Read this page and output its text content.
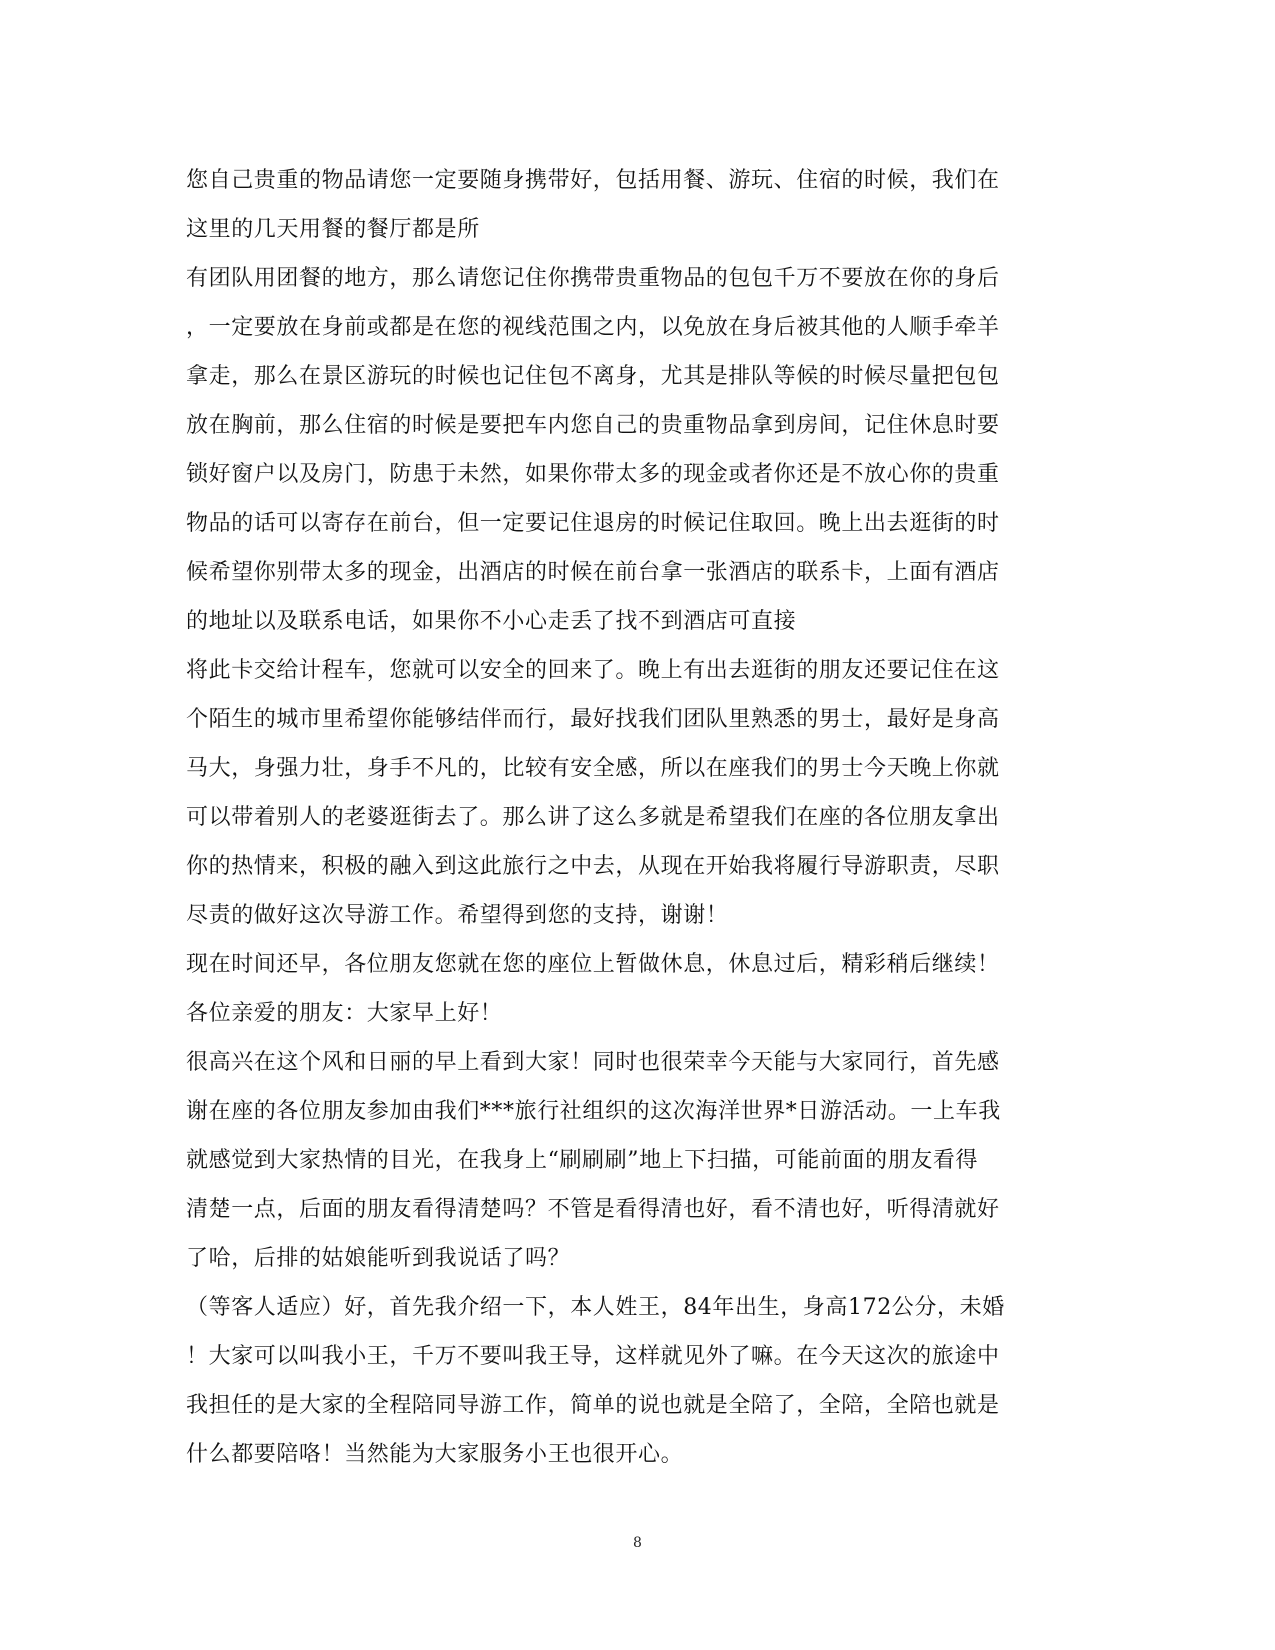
您自己贵重的物品请您一定要随身携带好，包括用餐、游玩、住宿的时候，我们在
这里的几天用餐的餐厅都是所
有团队用团餐的地方，那么请您记住你携带贵重物品的包包千万不要放在你的身后
，一定要放在身前或都是在您的视线范围之内，以免放在身后被其他的人顺手牵羊
拿走，那么在景区游玩的时候也记住包不离身，尤其是排队等候的时候尽量把包包
放在胸前，那么住宿的时候是要把车内您自己的贵重物品拿到房间，记住休息时要
锁好窗户以及房门，防患于未然，如果你带太多的现金或者你还是不放心你的贵重
物品的话可以寄存在前台，但一定要记住退房的时候记住取回。晚上出去逛街的时
候希望你别带太多的现金，出酒店的时候在前台拿一张酒店的联系卡，上面有酒店
的地址以及联系电话，如果你不小心走丢了找不到酒店可直接
将此卡交给计程车，您就可以安全的回来了。晚上有出去逛街的朋友还要记住在这
个陌生的城市里希望你能够结伴而行，最好找我们团队里熟悉的男士，最好是身高
马大，身强力壮，身手不凡的，比较有安全感，所以在座我们的男士今天晚上你就
可以带着别人的老婆逛街去了。那么讲了这么多就是希望我们在座的各位朋友拿出
你的热情来，积极的融入到这此旅行之中去，从现在开始我将履行导游职责，尽职
尽责的做好这次导游工作。希望得到您的支持，谢谢！
现在时间还早，各位朋友您就在您的座位上暂做休息，休息过后，精彩稍后继续！
各位亲爱的朋友：大家早上好！
很高兴在这个风和日丽的早上看到大家！同时也很荣幸今天能与大家同行，首先感
谢在座的各位朋友参加由我们***旅行社组织的这次海洋世界*日游活动。一上车我
就感觉到大家热情的目光，在我身上“刷刷刷”地上下扫描，可能前面的朋友看得
清楚一点，后面的朋友看得清楚吗？不管是看得清也好，看不清也好，听得清就好
了哈，后排的姑娘能听到我说话了吗？
（等客人适应）好，首先我介绍一下，本人姓王，84年出生，身高172公分，未婚
！大家可以叫我小王，千万不要叫我王导，这样就见外了嘛。在今天这次的旅途中
我担任的是大家的全程陪同导游工作，简单的说也就是全陪了，全陪，全陪也就是
什么都要陪咯！当然能为大家服务小王也很开心。
8
